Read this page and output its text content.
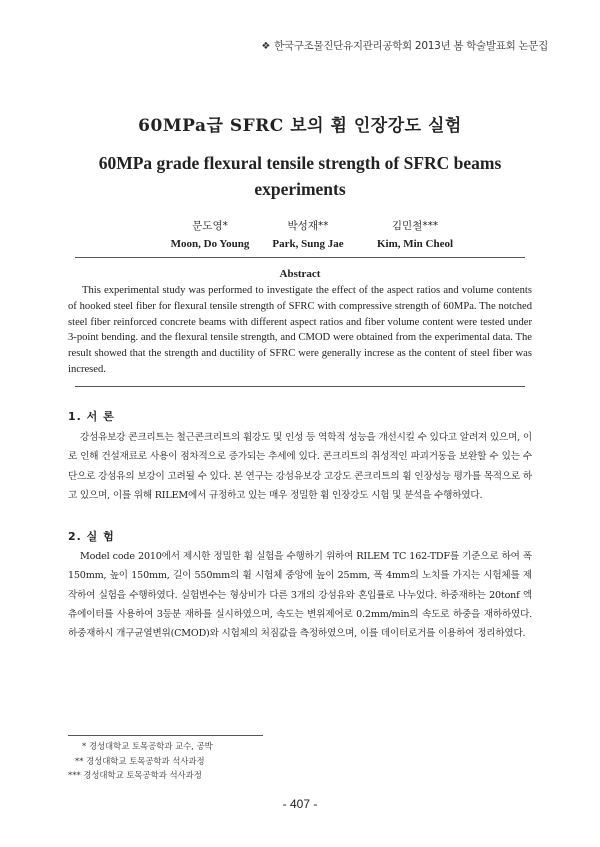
❖ 한국구조물진단유지관리공학회 2013년 봄 학술발표회 논문집
60MPa급 SFRC 보의 휨 인장강도 실험
60MPa grade flexural tensile strength of SFRC beams experiments
문도영*
Moon, Do Young
박성재**
Park, Sung Jae
김민철***
Kim, Min Cheol
Abstract
This experimental study was performed to investigate the effect of the aspect ratios and volume contents of hooked steel fiber for flexural tensile strength of SFRC with compressive strength of 60MPa. The notched steel fiber reinforced concrete beams with different aspect ratios and fiber volume content were tested under 3-point bending. and the flexural tensile strength, and CMOD were obtained from the experimental data. The result showed that the strength and ductility of SFRC were generally increse as the content of steel fiber was incresed.
1. 서 론
강섬유보강 콘크리트는 철근콘크리트의 휨강도 및 인성 등 역학적 성능을 개선시킬 수 있다고 알려져 있으며, 이로 인해 건설재료로 사용이 점차적으로 증가되는 추세에 있다. 콘크리트의 취성적인 파괴거동을 보완할 수 있는 수단으로 강섬유의 보강이 고려될 수 있다. 본 연구는 강섬유보강 고강도 콘크리트의 휨 인장성능 평가를 목적으로 하고 있으며, 이를 위해 RILEM에서 규정하고 있는 매우 정밀한 휨 인장강도 시험 및 분석을 수행하였다.
2. 실 험
Model code 2010에서 제시한 정밀한 휨 실험을 수행하기 위하여 RILEM TC 162-TDF를 기준으로 하여 폭 150mm, 높이 150mm, 길이 550mm의 휨 시험체 중앙에 높이 25mm, 폭 4mm의 노치를 가지는 시험체를 제작하여 실험을 수행하였다. 실험변수는 형상비가 다른 3개의 강섬유와 혼입률로 나누었다. 하중재하는 20tonf 엑츄에이터를 사용하여 3등분 재하를 실시하였으며, 속도는 변위제어로 0.2mm/min의 속도로 하중을 재하하였다. 하중재하시 개구균열변위(CMOD)와 시험체의 처짐값을 측정하였으며, 이를 데이터로거를 이용하여 정리하였다.
* 경성대학교 토목공학과 교수, 공박
** 경성대학교 토목공학과 석사과정
*** 경성대학교 토목공학과 석사과정
- 407 -
